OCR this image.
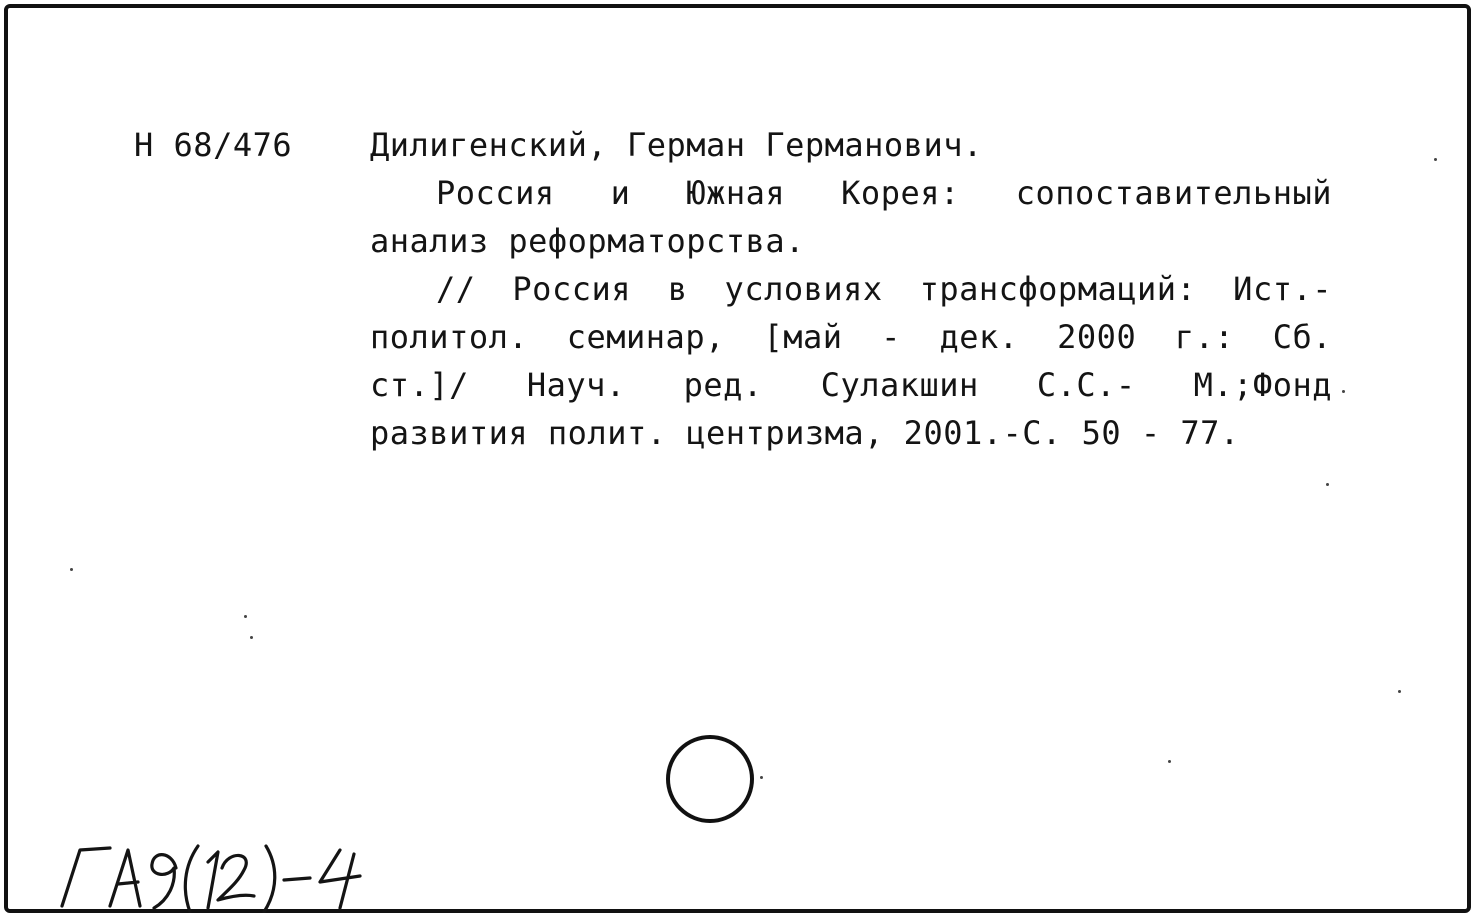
Н 68/476 Дилигенский, Герман Германович.
Россия и Южная Корея: сопоставительный
анализ реформаторства.
// Россия в условиях трансформаций: Ист.-
политол. семинар, [май - дек. 2000 г.: Сб.
ст.]/ Науч. ред. Сулакшин С.С.- М.;Фонд
развития полит. центризма, 2001.-С. 50 - 77.
